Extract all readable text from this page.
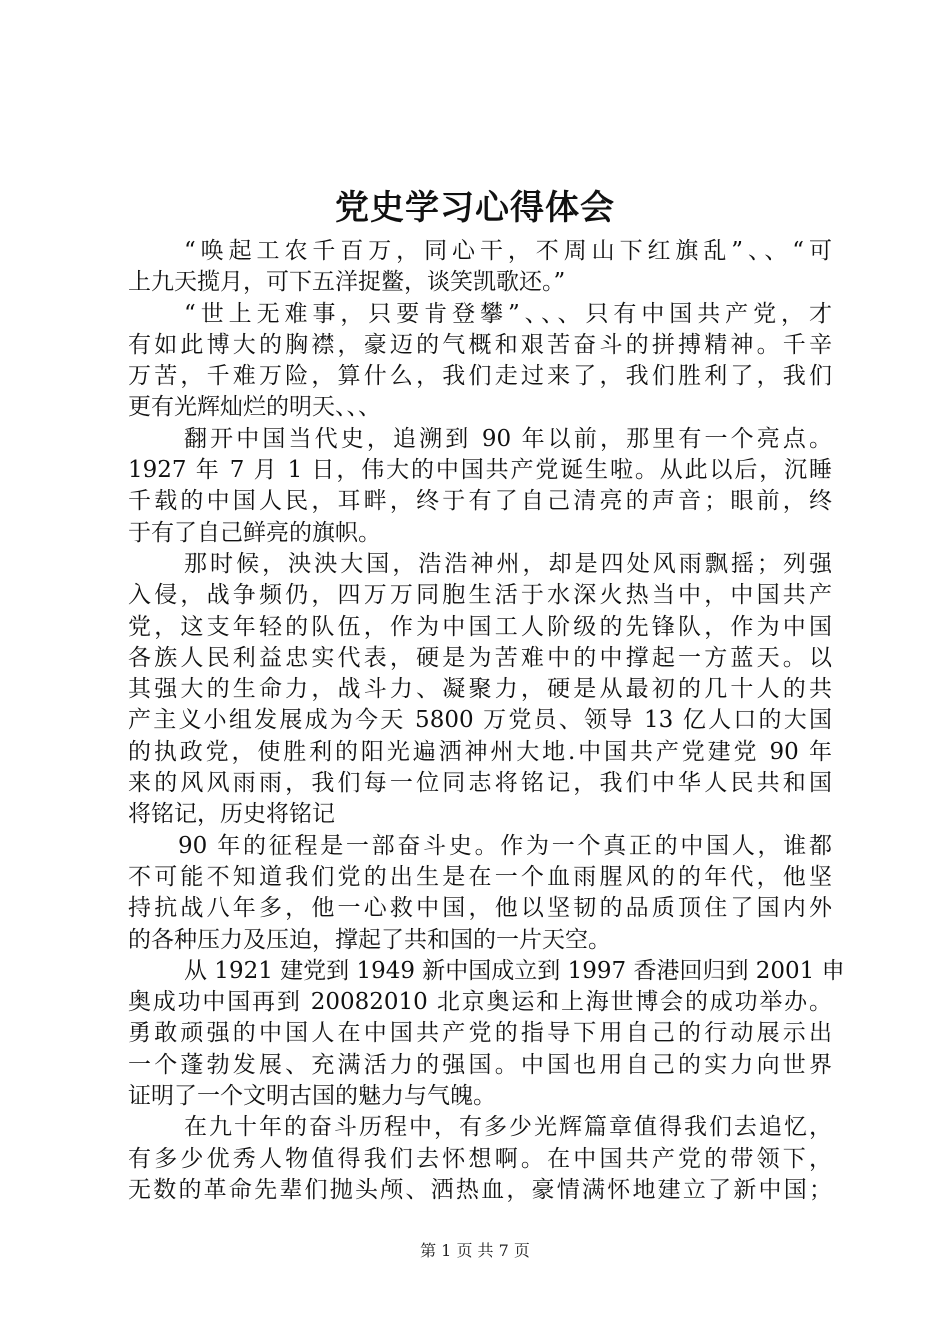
党史学习心得体会
“唤起工农千百万，同心干，不周山下红旗乱”、、“可
上九天揽月，可下五洋捉鳖，谈笑凯歌还。”
“世上无难事，只要肯登攀”、、、只有中国共产党，才
有如此博大的胸襟，豪迈的气概和艰苦奋斗的拼搏精神。千辛
万苦，千难万险，算什么，我们走过来了，我们胜利了，我们
更有光辉灿烂的明天、、、
翻开中国当代史，追溯到 90 年以前，那里有一个亮点。
1927 年 7 月 1 日，伟大的中国共产党诞生啦。从此以后，沉睡
千载的中国人民，耳畔，终于有了自己清亮的声音；眼前，终
于有了自己鲜亮的旗帜。
那时候，泱泱大国，浩浩神州，却是四处风雨飘摇；列强
入侵，战争频仍，四万万同胞生活于水深火热当中，中国共产
党，这支年轻的队伍，作为中国工人阶级的先锋队，作为中国
各族人民利益忠实代表，硬是为苦难中的中撑起一方蓝天。以
其强大的生命力，战斗力、凝聚力，硬是从最初的几十人的共
产主义小组发展成为今天 5800 万党员、领导 13 亿人口的大国
的执政党，使胜利的阳光遍洒神州大地.中国共产党建党 90 年
来的风风雨雨，我们每一位同志将铭记，我们中华人民共和国
将铭记，历史将铭记
90 年的征程是一部奋斗史。作为一个真正的中国人，谁都
不可能不知道我们党的出生是在一个血雨腥风的的年代，他坚
持抗战八年多，他一心救中国，他以坚韧的品质顶住了国内外
的各种压力及压迫，撑起了共和国的一片天空。
从 1921 建党到 1949 新中国成立到 1997 香港回归到 2001 申
奥成功中国再到 20082010 北京奥运和上海世博会的成功举办。
勇敢顽强的中国人在中国共产党的指导下用自己的行动展示出
一个蓬勃发展、充满活力的强国。中国也用自己的实力向世界
证明了一个文明古国的魅力与气魄。
在九十年的奋斗历程中，有多少光辉篇章值得我们去追忆，
有多少优秀人物值得我们去怀想啊。在中国共产党的带领下，
无数的革命先辈们抛头颅、洒热血，豪情满怀地建立了新中国；
第 1 页 共 7 页
